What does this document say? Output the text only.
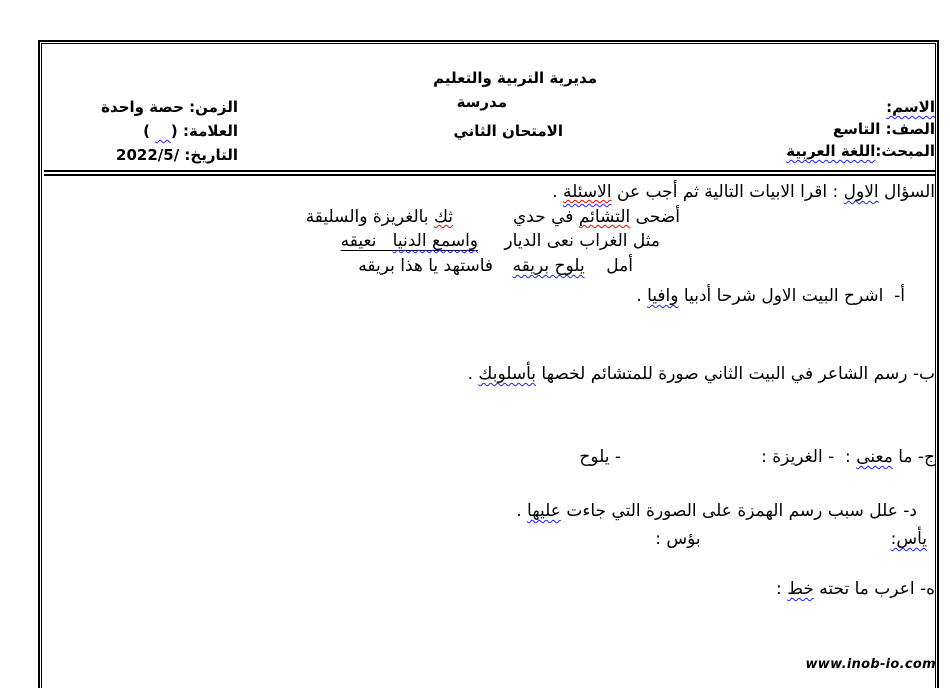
مديرية التربية والتعليم
مدرسة
الامتحان الثاني
الاسم:
الصف: التاسع
المبحث:اللغة العربية
الزمن: حصة واحدة
العلامة: (    )
التاريخ: /2022/5
السؤال الاول : اقرا الابيات التالية ثم أجب عن الاسئلة .
أضحى التشائم في حدي
ثك بالغريزة والسليقة
مثل الغراب نعى الديار
واسمع الدنيا   نعيقه
أمل    يلوح بريقه
فاستهد يا هذا بريقه
أ-  اشرح البيت الاول شرحا أدبيا وافيا .
ب- رسم الشاعر في البيت الثاني صورة للمتشائم لخصها بأسلوبك .
ج- ما معنى :  - الغريزة :- يلوح
د- علل سبب رسم الهمزة على الصورة التي جاءت عليها .
يأس:بؤس :
ه- اعرب ما تحته خط :
www.inob-io.com
